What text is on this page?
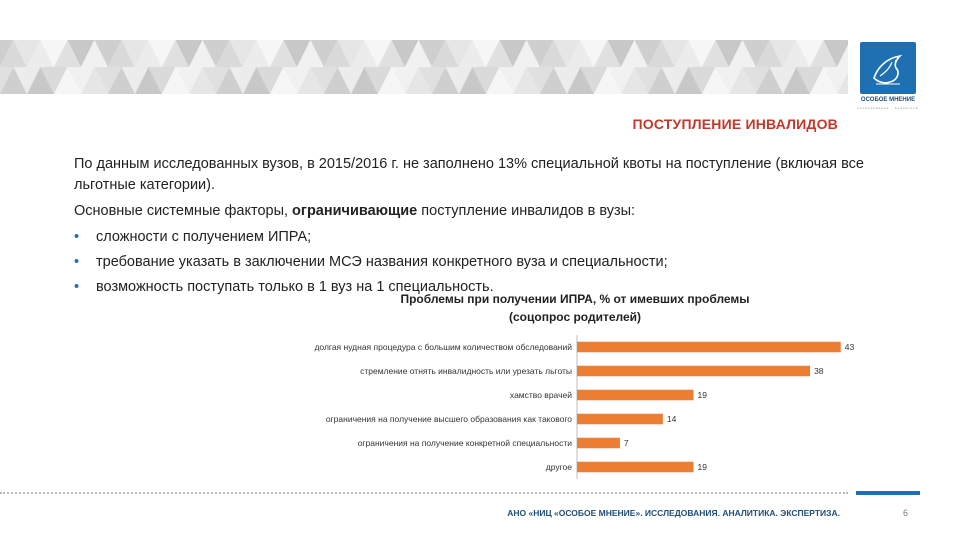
ОСОБОЕ МНЕНИЕ
исследования · аналитика
ПОСТУПЛЕНИЕ ИНВАЛИДОВ

По данным исследованных вузов, в 2015/2016 г. не заполнено 13% специальной квоты на поступление (включая все льготные категории).

Основные системные факторы, ограничивающие поступление инвалидов в вузы:

• сложности с получением ИПРА;
• требование указать в заключении МСЭ названия конкретного вуза и специальности;
• возможность поступать только в 1 вуз на 1 специальность.
Проблемы при получении ИПРА, % от имевших проблемы
(соцопрос родителей)
долгая нудная процедура с большим количеством обследований	43
стремление отнять инвалидность или урезать льготы	38
хамство врачей	19
ограничения на получение высшего образования как такового	14
ограничения на получение конкретной специальности	7
другое	19
АНО «НИЦ «ОСОБОЕ МНЕНИЕ». ИССЛЕДОВАНИЯ. АНАЛИТИКА. ЭКСПЕРТИЗА.	6
